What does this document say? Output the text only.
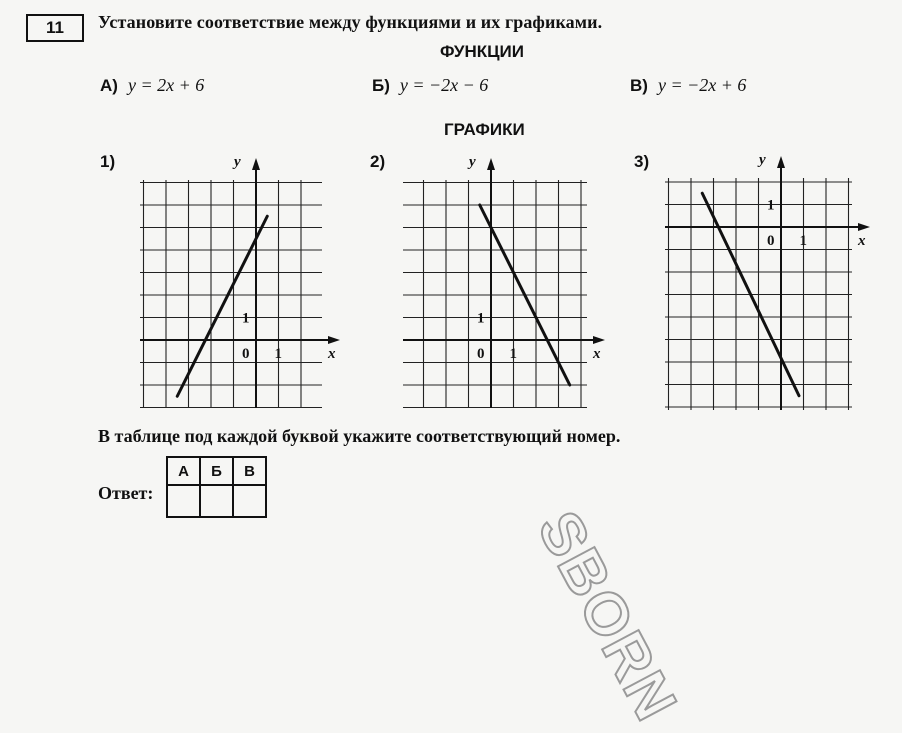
11	Установите соответствие между функциями и их графиками.
ФУНКЦИИ
А) y = 2x + 6	Б) y = −2x − 6	В) y = −2x + 6
ГРАФИКИ
1)	2)	3)
x
y
0 1
1
x
y
0 1
1
x
y
0 1
1
В таблице под каждой буквой укажите соответствующий номер.
Ответ:
А	Б	В

SBORN
